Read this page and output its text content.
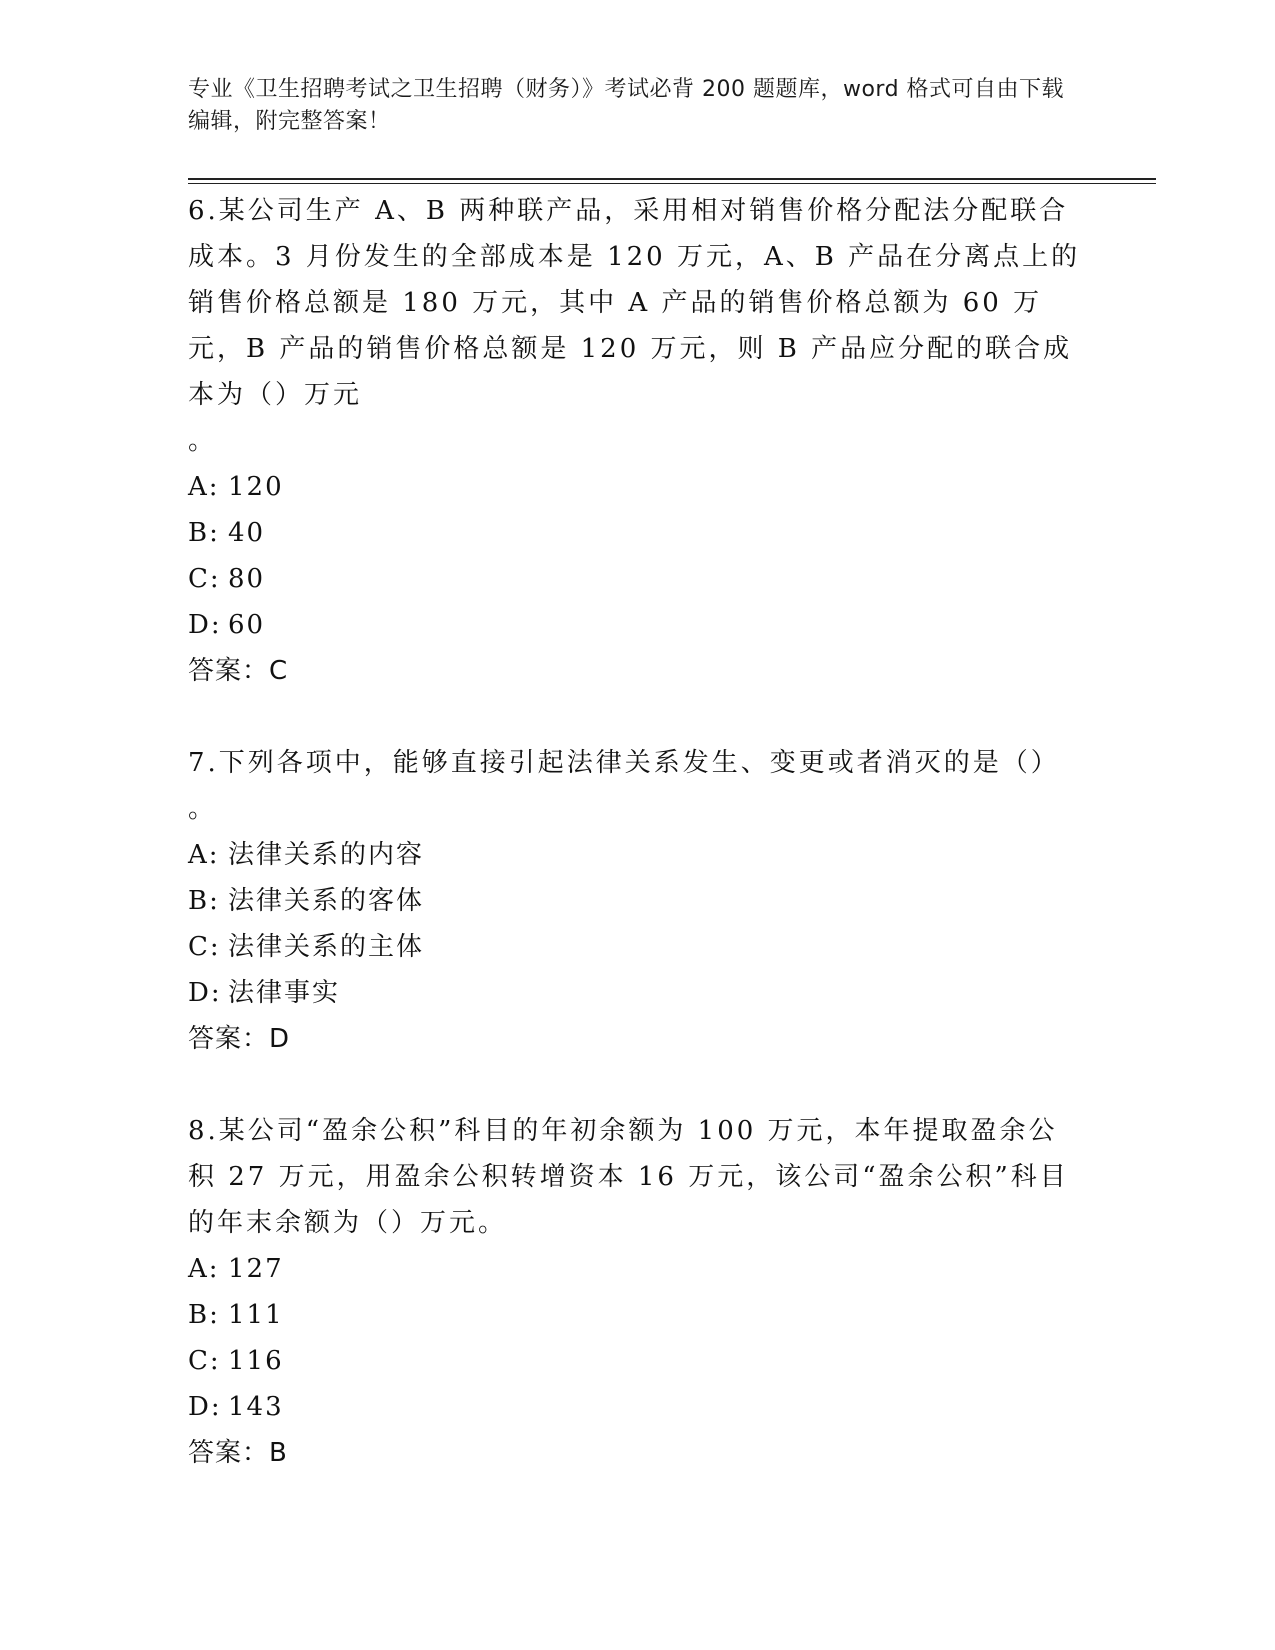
专业《卫生招聘考试之卫生招聘（财务）》考试必背 200 题题库，word 格式可自由下载编辑，附完整答案！

6.某公司生产 A、B 两种联产品，采用相对销售价格分配法分配联合成本。3 月份发生的全部成本是 120 万元，A、B 产品在分离点上的销售价格总额是 180 万元，其中 A 产品的销售价格总额为 60 万元，B 产品的销售价格总额是 120 万元，则 B 产品应分配的联合成本为（）万元
。

A: 120

B: 40

C: 80

D: 60

答案：C

7.下列各项中，能够直接引起法律关系发生、变更或者消灭的是（）
。

A: 法律关系的内容

B: 法律关系的客体

C: 法律关系的主体

D: 法律事实

答案：D

8.某公司“盈余公积”科目的年初余额为 100 万元，本年提取盈余公积 27 万元，用盈余公积转增资本 16 万元，该公司“盈余公积”科目的年末余额为（）万元。

A: 127

B: 111

C: 116

D: 143

答案：B
